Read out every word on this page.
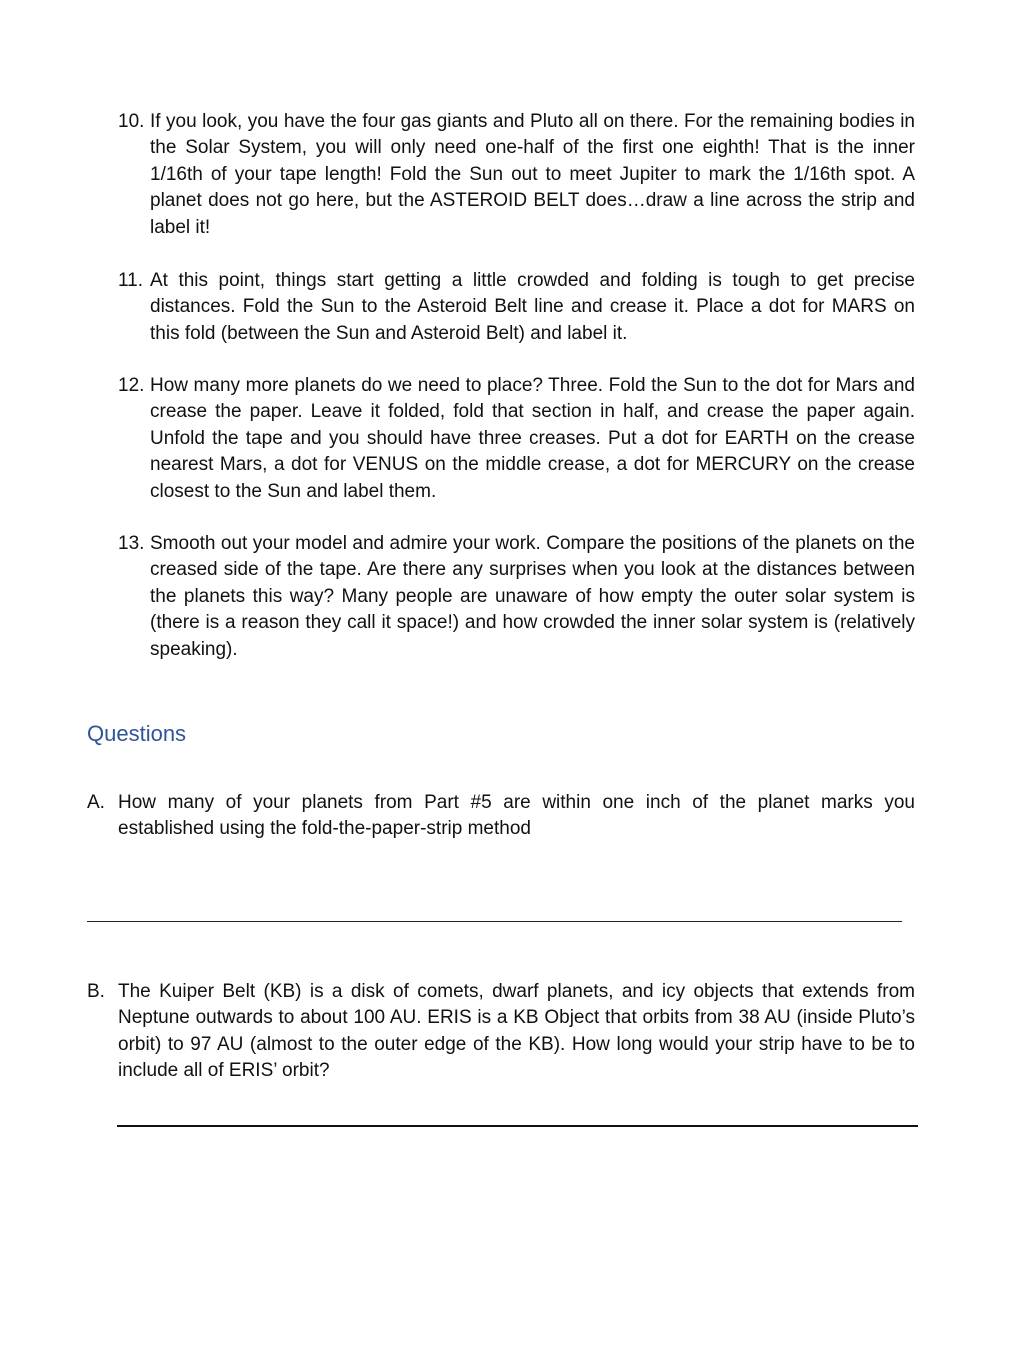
10. If you look, you have the four gas giants and Pluto all on there. For the remaining bodies in the Solar System, you will only need one-half of the first one eighth! That is the inner 1/16th of your tape length! Fold the Sun out to meet Jupiter to mark the 1/16th spot. A planet does not go here, but the ASTEROID BELT does…draw a line across the strip and label it!
11. At this point, things start getting a little crowded and folding is tough to get precise distances. Fold the Sun to the Asteroid Belt line and crease it. Place a dot for MARS on this fold (between the Sun and Asteroid Belt) and label it.
12. How many more planets do we need to place? Three. Fold the Sun to the dot for Mars and crease the paper. Leave it folded, fold that section in half, and crease the paper again. Unfold the tape and you should have three creases. Put a dot for EARTH on the crease nearest Mars, a dot for VENUS on the middle crease, a dot for MERCURY on the crease closest to the Sun and label them.
13. Smooth out your model and admire your work. Compare the positions of the planets on the creased side of the tape. Are there any surprises when you look at the distances between the planets this way? Many people are unaware of how empty the outer solar system is (there is a reason they call it space!) and how crowded the inner solar system is (relatively speaking).
Questions
A. How many of your planets from Part #5 are within one inch of the planet marks you established using the fold-the-paper-strip method
B. The Kuiper Belt (KB) is a disk of comets, dwarf planets, and icy objects that extends from Neptune outwards to about 100 AU. ERIS is a KB Object that orbits from 38 AU (inside Pluto’s orbit) to 97 AU (almost to the outer edge of the KB). How long would your strip have to be to include all of ERIS’ orbit?
